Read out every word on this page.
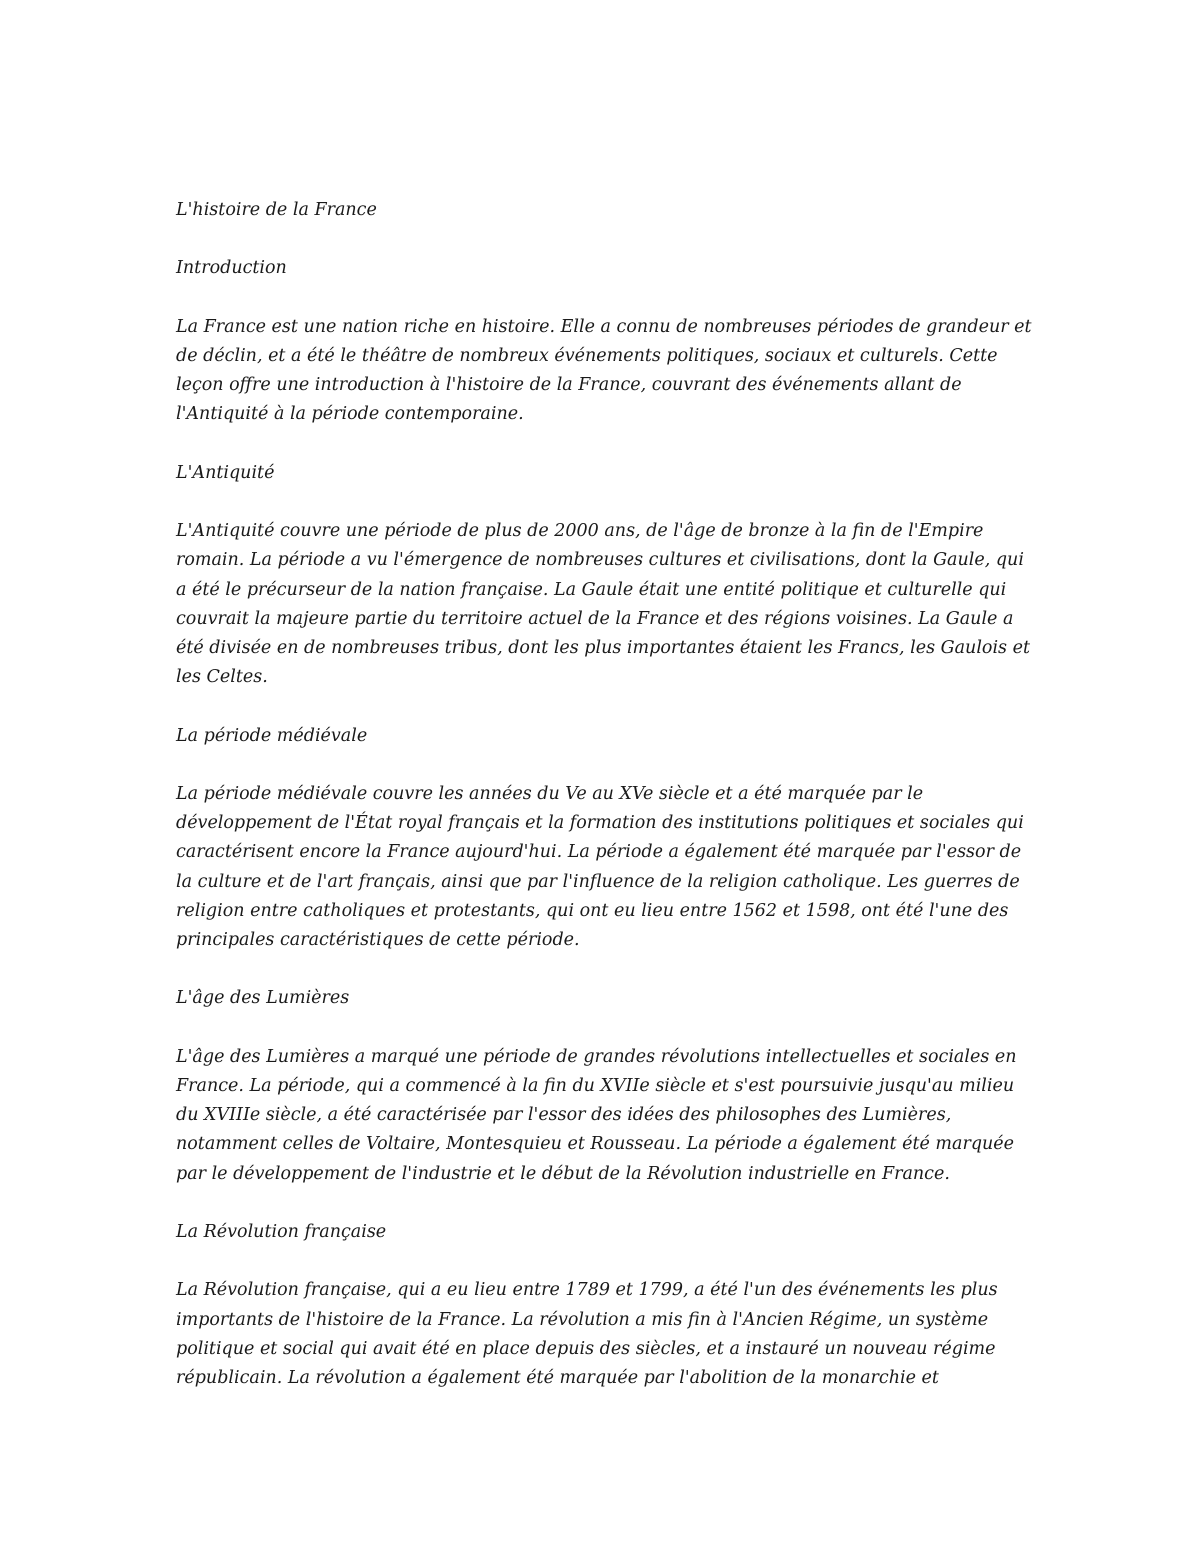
L'histoire de la France

Introduction

La France est une nation riche en histoire. Elle a connu de nombreuses périodes de grandeur et de déclin, et a été le théâtre de nombreux événements politiques, sociaux et culturels. Cette leçon offre une introduction à l'histoire de la France, couvrant des événements allant de l'Antiquité à la période contemporaine.

L'Antiquité

L'Antiquité couvre une période de plus de 2000 ans, de l'âge de bronze à la fin de l'Empire romain. La période a vu l'émergence de nombreuses cultures et civilisations, dont la Gaule, qui a été le précurseur de la nation française. La Gaule était une entité politique et culturelle qui couvrait la majeure partie du territoire actuel de la France et des régions voisines. La Gaule a été divisée en de nombreuses tribus, dont les plus importantes étaient les Francs, les Gaulois et les Celtes.

La période médiévale

La période médiévale couvre les années du Ve au XVe siècle et a été marquée par le développement de l'État royal français et la formation des institutions politiques et sociales qui caractérisent encore la France aujourd'hui. La période a également été marquée par l'essor de la culture et de l'art français, ainsi que par l'influence de la religion catholique. Les guerres de religion entre catholiques et protestants, qui ont eu lieu entre 1562 et 1598, ont été l'une des principales caractéristiques de cette période.

L'âge des Lumières

L'âge des Lumières a marqué une période de grandes révolutions intellectuelles et sociales en France. La période, qui a commencé à la fin du XVIIe siècle et s'est poursuivie jusqu'au milieu du XVIIIe siècle, a été caractérisée par l'essor des idées des philosophes des Lumières, notamment celles de Voltaire, Montesquieu et Rousseau. La période a également été marquée par le développement de l'industrie et le début de la Révolution industrielle en France.

La Révolution française

La Révolution française, qui a eu lieu entre 1789 et 1799, a été l'un des événements les plus importants de l'histoire de la France. La révolution a mis fin à l'Ancien Régime, un système politique et social qui avait été en place depuis des siècles, et a instauré un nouveau régime républicain. La révolution a également été marquée par l'abolition de la monarchie et
